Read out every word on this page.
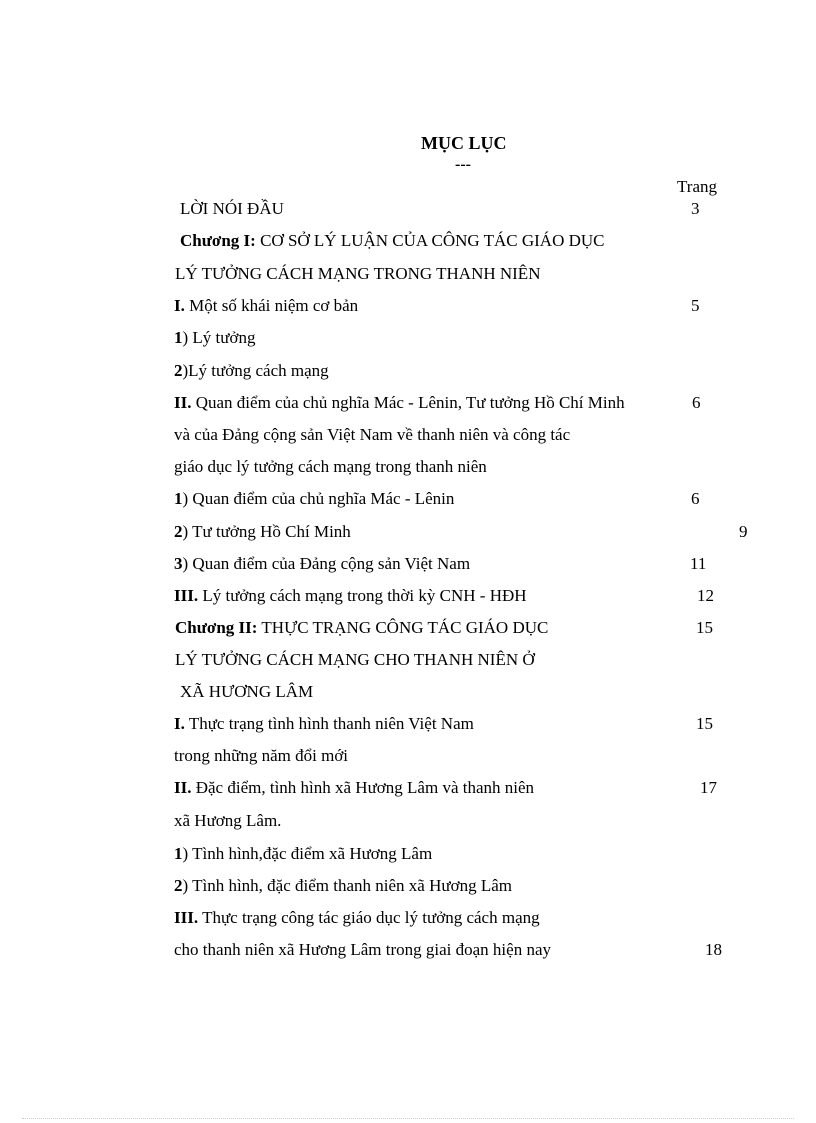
MỤC LỤC
---
Trang
LỜI NÓI ĐẦU	3
Chương I: CƠ SỞ LÝ LUẬN CỦA CÔNG TÁC GIÁO DỤC
LÝ TƯỞNG CÁCH MẠNG TRONG THANH NIÊN
I. Một số khái niệm cơ bản	5
1) Lý tưởng
2)Lý tưởng cách mạng
II. Quan điểm của chủ nghĩa Mác - Lênin, Tư tưởng Hồ Chí Minh	6
và của Đảng cộng sản Việt Nam về thanh niên và công tác
giáo dục lý tưởng cách mạng trong thanh niên
1) Quan điểm của chủ nghĩa Mác - Lênin	6
2) Tư tưởng Hồ Chí Minh	9
3) Quan điểm của Đảng cộng sản Việt Nam	11
III. Lý tưởng cách mạng trong thời kỳ CNH - HĐH	12
Chương II: THỰC TRẠNG CÔNG TÁC GIÁO DỤC	15
LÝ TƯỞNG CÁCH MẠNG CHO THANH NIÊN Ở
XÃ HƯƠNG LÂM
I. Thực trạng tình hình thanh niên Việt Nam	15
trong những năm đổi mới
II. Đặc điểm, tình hình xã Hương Lâm và thanh niên	17
xã Hương Lâm.
1) Tình hình,đặc điểm xã Hương Lâm
2) Tình hình, đặc điểm thanh niên xã Hương Lâm
III. Thực trạng công tác giáo dục lý tưởng cách mạng
cho thanh niên xã Hương Lâm trong giai đoạn hiện nay	18
